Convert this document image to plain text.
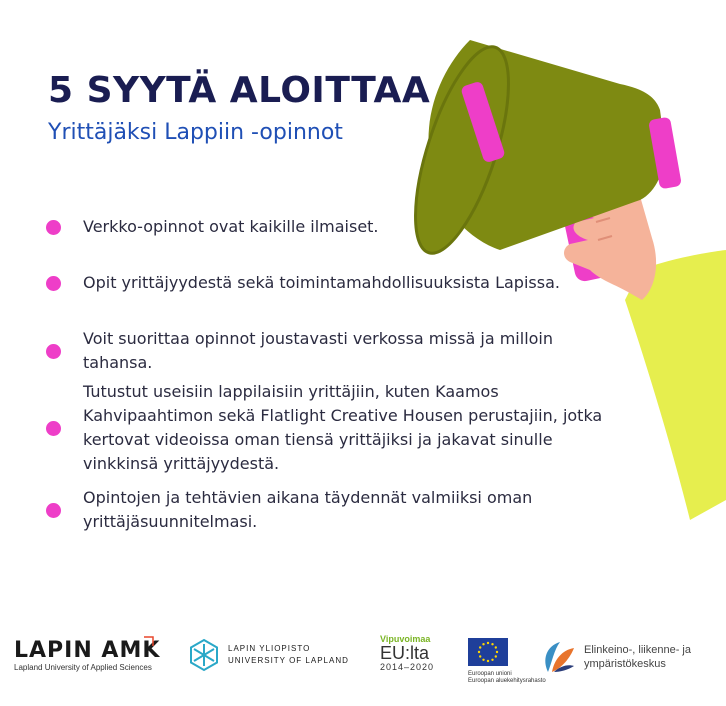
5 SYYTÄ ALOITTAA
Yrittäjäksi Lappiin -opinnot
Verkko-opinnot ovat kaikille ilmaiset.
Opit yrittäjyydestä sekä toimintamahdollisuuksista Lapissa.
Voit suorittaa opinnot joustavasti verkossa missä ja milloin tahansa.
Tutustut useisiin lappilaisiin yrittäjiin, kuten Kaamos Kahvipaahtimon sekä Flatlight Creative Housen perustajiin, jotka kertovat videoissa oman tiensä yrittäjiksi ja jakavat sinulle vinkkinsä yrittäjyydestä.
Opintojen ja tehtävien aikana täydennät valmiiksi oman yrittäjäsuunnitelmasi.
LAPIN AMK
Lapland University of Applied Sciences
LAPIN YLIOPISTO
UNIVERSITY OF LAPLAND
Vipuvoimaa
EU:lta
2014–2020
Euroopan unioni
Euroopan aluekehitysrahasto
Elinkeino-, liikenne- ja
ympäristökeskus
